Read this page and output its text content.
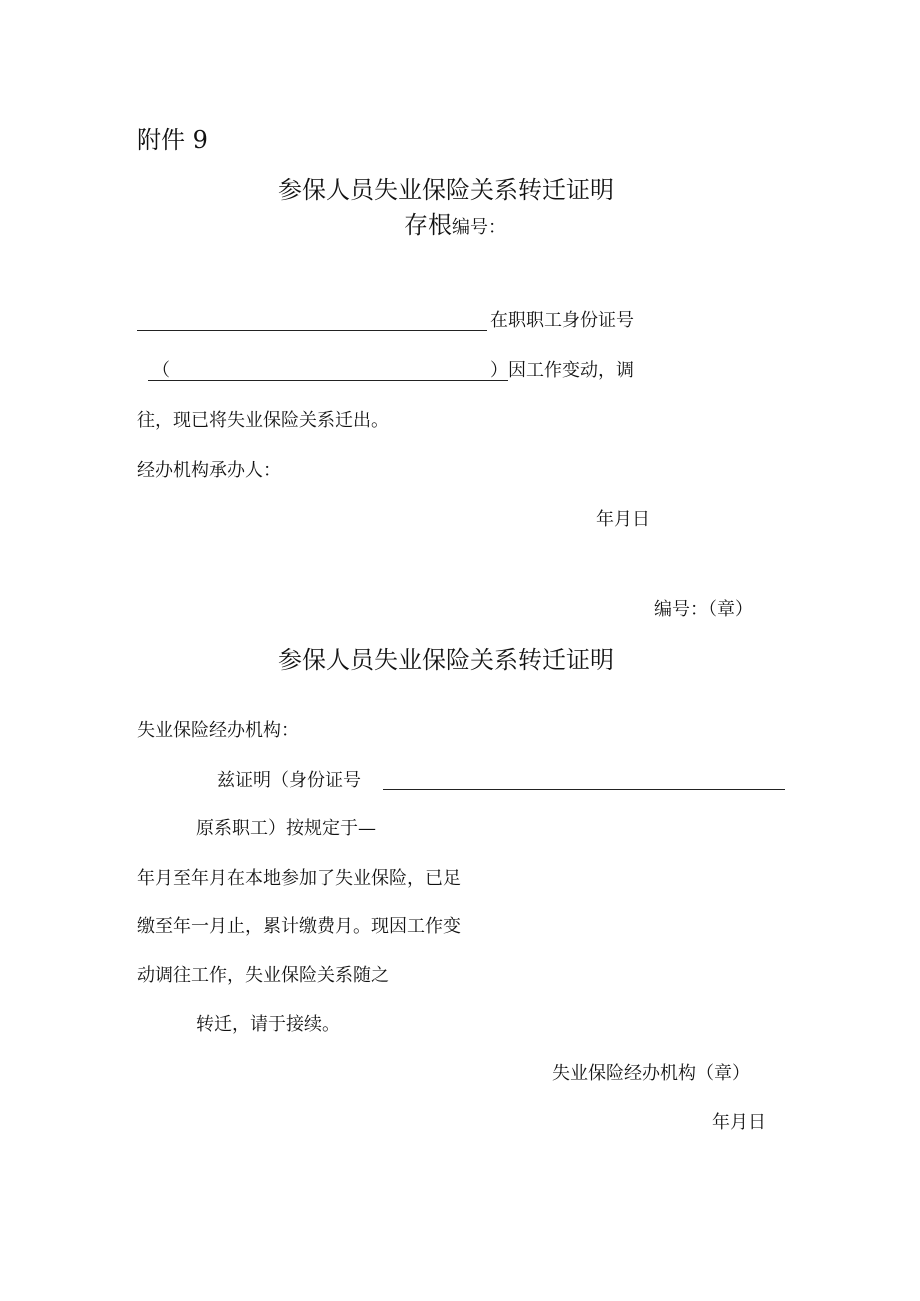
附件 9
参保人员失业保险关系转迁证明
存根编号：
在职职工身份证号
（	）因工作变动，调
往，现已将失业保险关系迁出。
经办机构承办人：
年月日
编号：（章）
参保人员失业保险关系转迁证明
失业保险经办机构：
兹证明（身份证号
原系职工）按规定于—
年月至年月在本地参加了失业保险，已足
缴至年一月止，累计缴费月。现因工作变
动调往工作，失业保险关系随之
转迁，请于接续。
失业保险经办机构（章）
年月日
